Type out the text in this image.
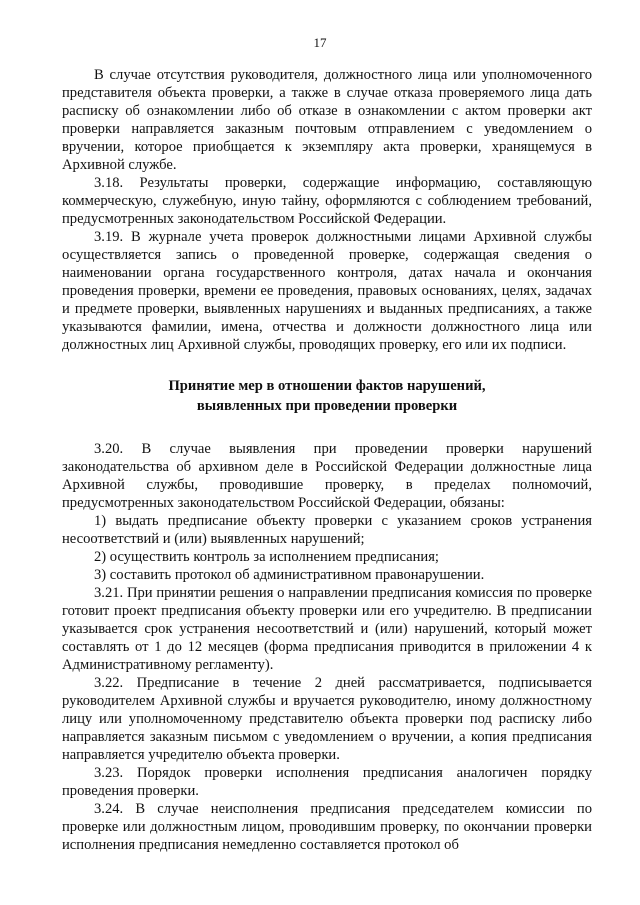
17

В случае отсутствия руководителя, должностного лица или уполномоченного представителя объекта проверки, а также в случае отказа проверяемого лица дать расписку об ознакомлении либо об отказе в ознакомлении с актом проверки акт проверки направляется заказным почтовым отправлением с уведомлением о вручении, которое приобщается к экземпляру акта проверки, хранящемуся в Архивной службе.

3.18. Результаты проверки, содержащие информацию, составляющую коммерческую, служебную, иную тайну, оформляются с соблюдением требований, предусмотренных законодательством Российской Федерации.

3.19. В журнале учета проверок должностными лицами Архивной службы осуществляется запись о проведенной проверке, содержащая сведения о наименовании органа государственного контроля, датах начала и окончания проведения проверки, времени ее проведения, правовых основаниях, целях, задачах и предмете проверки, выявленных нарушениях и выданных предписаниях, а также указываются фамилии, имена, отчества и должности должностного лица или должностных лиц Архивной службы, проводящих проверку, его или их подписи.

Принятие мер в отношении фактов нарушений,
выявленных при проведении проверки

3.20. В случае выявления при проведении проверки нарушений законодательства об архивном деле в Российской Федерации должностные лица Архивной службы, проводившие проверку, в пределах полномочий, предусмотренных законодательством Российской Федерации, обязаны:

1) выдать предписание объекту проверки с указанием сроков устранения несоответствий и (или) выявленных нарушений;

2) осуществить контроль за исполнением предписания;

3) составить протокол об административном правонарушении.

3.21. При принятии решения о направлении предписания комиссия по проверке готовит проект предписания объекту проверки или его учредителю. В предписании указывается срок устранения несоответствий и (или) нарушений, который может составлять от 1 до 12 месяцев (форма предписания приводится в приложении 4 к Административному регламенту).

3.22. Предписание в течение 2 дней рассматривается, подписывается руководителем Архивной службы и вручается руководителю, иному должностному лицу или уполномоченному представителю объекта проверки под расписку либо направляется заказным письмом с уведомлением о вручении, а копия предписания направляется учредителю объекта проверки.

3.23. Порядок проверки исполнения предписания аналогичен порядку проведения проверки.

3.24. В случае неисполнения предписания председателем комиссии по проверке или должностным лицом, проводившим проверку, по окончании проверки исполнения предписания немедленно составляется протокол об
